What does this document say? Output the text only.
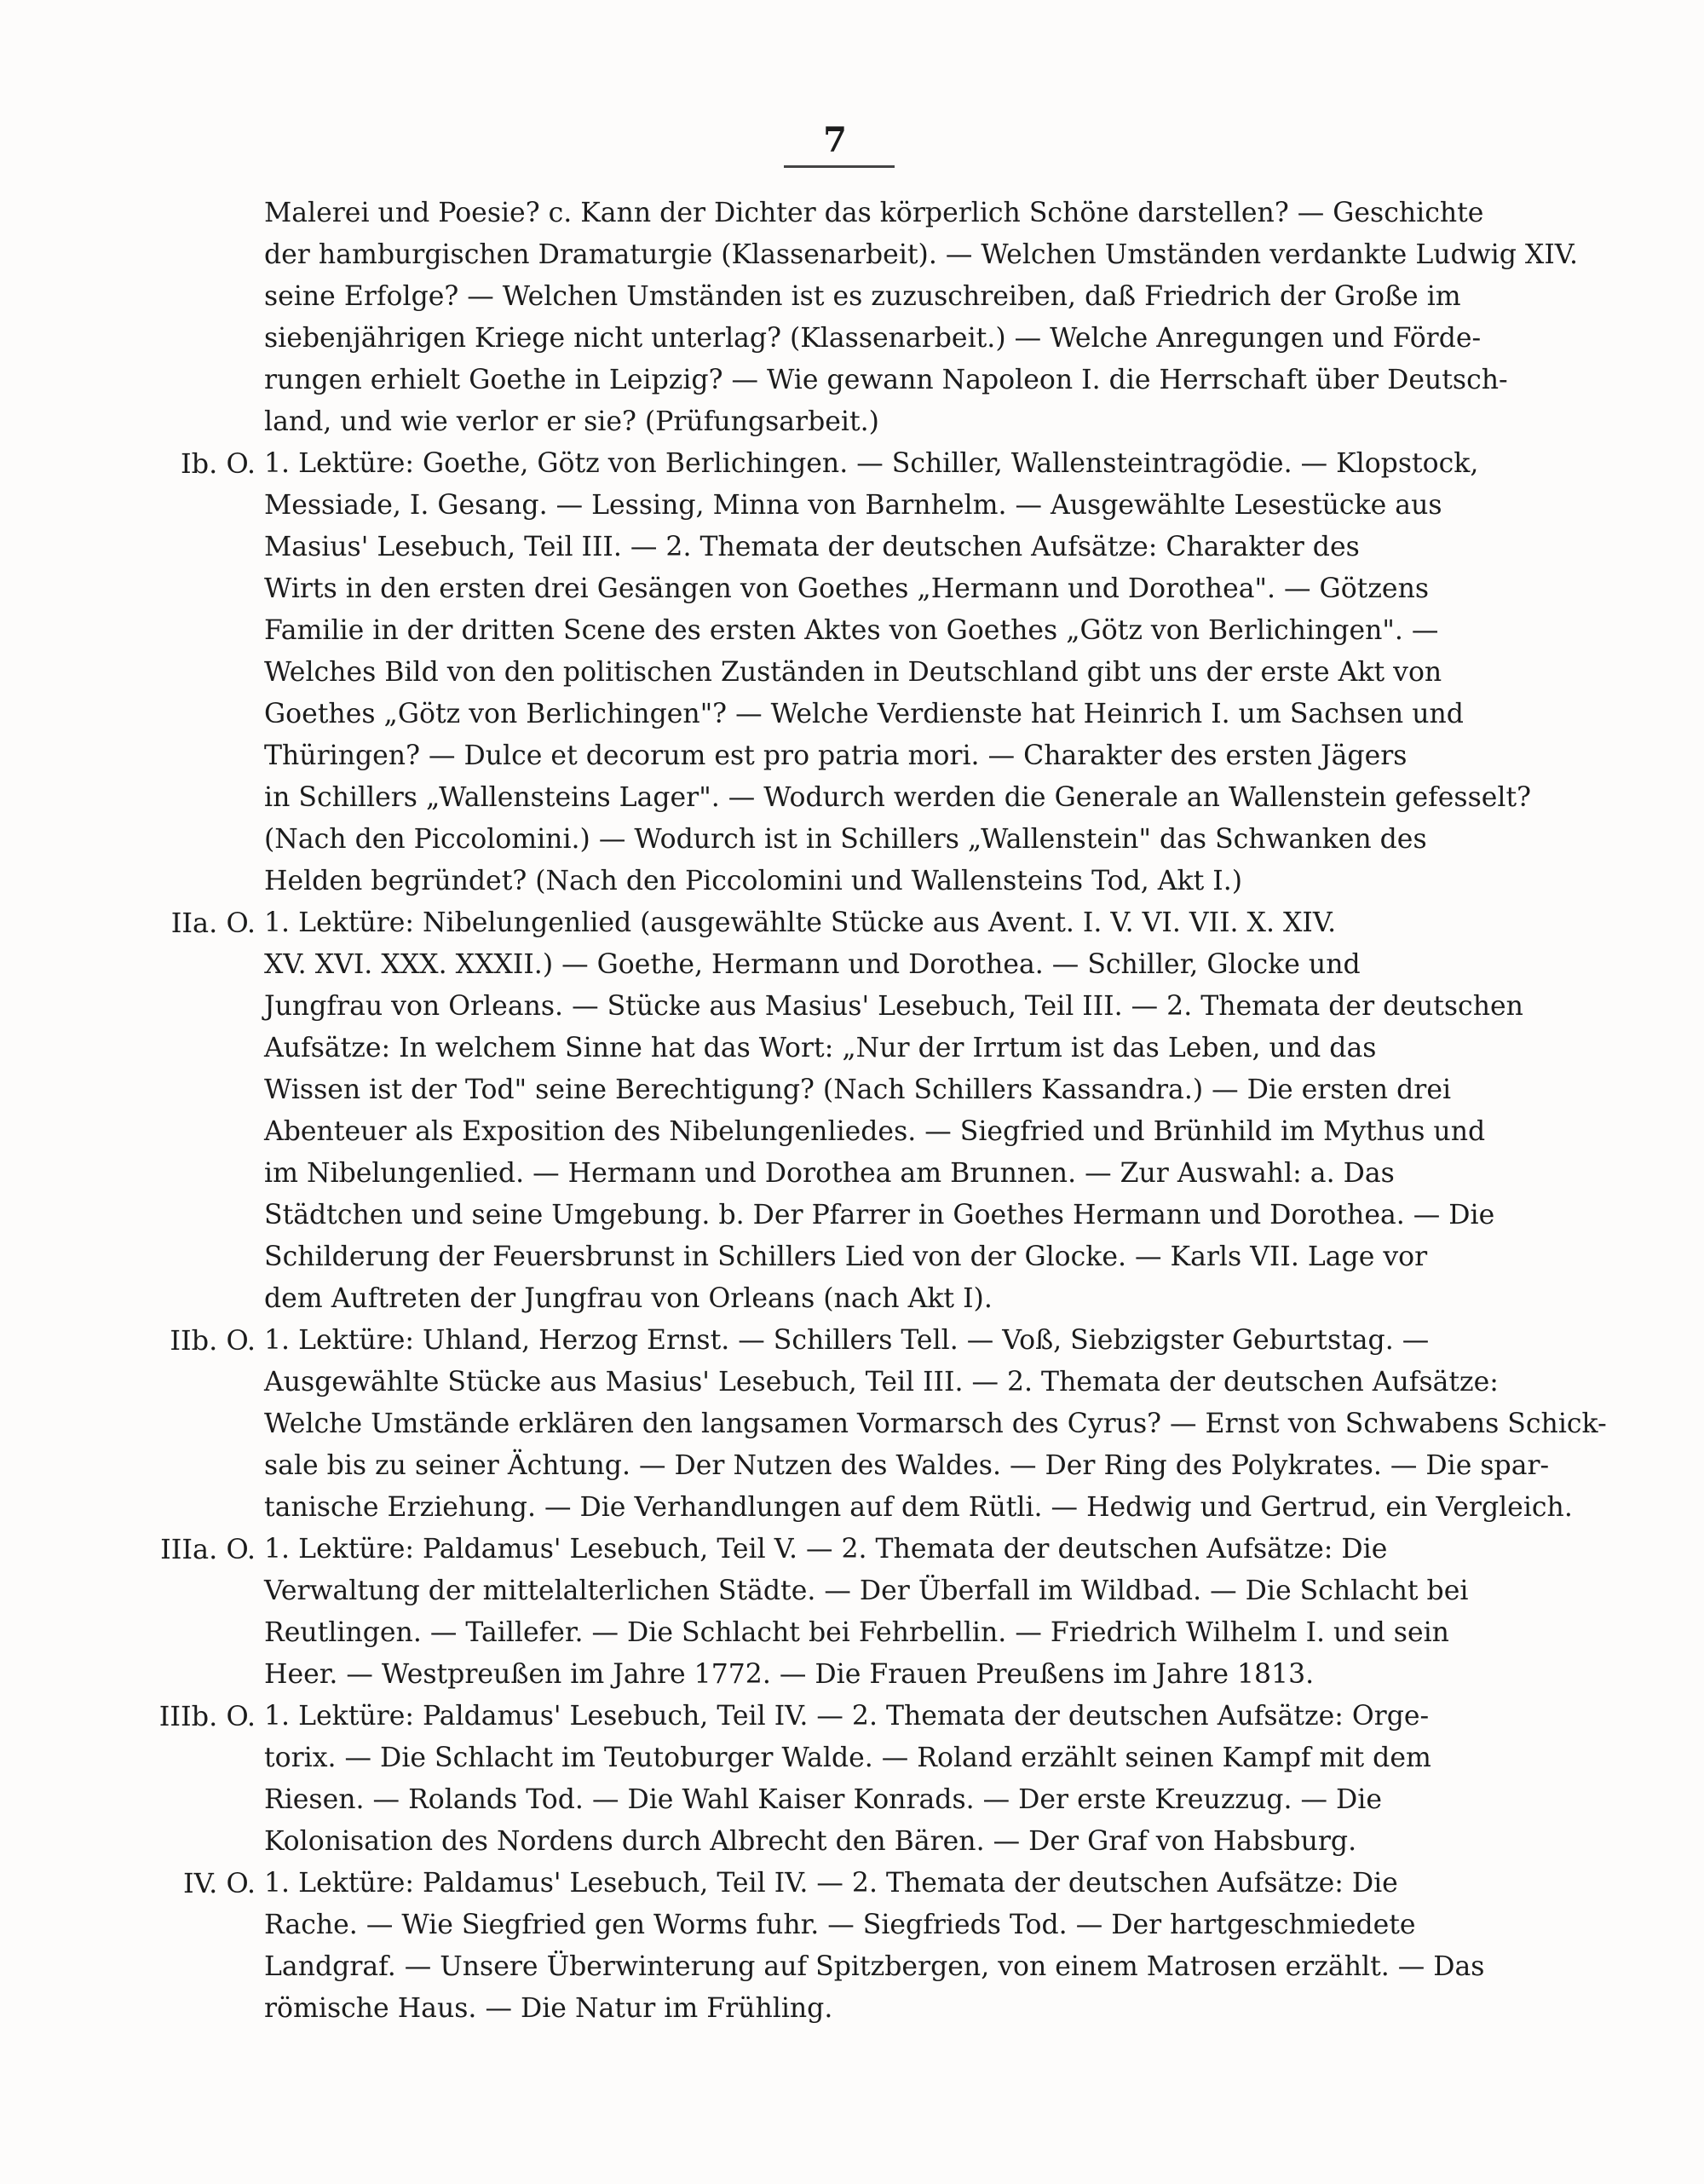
7
Malerei und Poesie? c. Kann der Dichter das körperlich Schöne darstellen? — Geschichte
der hamburgischen Dramaturgie (Klassenarbeit). — Welchen Umständen verdankte Ludwig XIV.
seine Erfolge? — Welchen Umständen ist es zuzuschreiben, daß Friedrich der Große im
siebenjährigen Kriege nicht unterlag? (Klassenarbeit.) — Welche Anregungen und Förde-
rungen erhielt Goethe in Leipzig? — Wie gewann Napoleon I. die Herrschaft über Deutsch-
land, und wie verlor er sie? (Prüfungsarbeit.)
Ib. O. 1. Lektüre: Goethe, Götz von Berlichingen. — Schiller, Wallensteintragödie. — Klopstock,
Messiade, I. Gesang. — Lessing, Minna von Barnhelm. — Ausgewählte Lesestücke aus
Masius' Lesebuch, Teil III. — 2. Themata der deutschen Aufsätze: Charakter des
Wirts in den ersten drei Gesängen von Goethes „Hermann und Dorothea". — Götzens
Familie in der dritten Scene des ersten Aktes von Goethes „Götz von Berlichingen". —
Welches Bild von den politischen Zuständen in Deutschland gibt uns der erste Akt von
Goethes „Götz von Berlichingen"? — Welche Verdienste hat Heinrich I. um Sachsen und
Thüringen? — Dulce et decorum est pro patria mori. — Charakter des ersten Jägers
in Schillers „Wallensteins Lager". — Wodurch werden die Generale an Wallenstein gefesselt?
(Nach den Piccolomini.) — Wodurch ist in Schillers „Wallenstein" das Schwanken des
Helden begründet? (Nach den Piccolomini und Wallensteins Tod, Akt I.)
IIa. O. 1. Lektüre: Nibelungenlied (ausgewählte Stücke aus Avent. I. V. VI. VII. X. XIV.
XV. XVI. XXX. XXXII.) — Goethe, Hermann und Dorothea. — Schiller, Glocke und
Jungfrau von Orleans. — Stücke aus Masius' Lesebuch, Teil III. — 2. Themata der deutschen
Aufsätze: In welchem Sinne hat das Wort: „Nur der Irrtum ist das Leben, und das
Wissen ist der Tod" seine Berechtigung? (Nach Schillers Kassandra.) — Die ersten drei
Abenteuer als Exposition des Nibelungenliedes. — Siegfried und Brünhild im Mythus und
im Nibelungenlied. — Hermann und Dorothea am Brunnen. — Zur Auswahl: a. Das
Städtchen und seine Umgebung. b. Der Pfarrer in Goethes Hermann und Dorothea. — Die
Schilderung der Feuersbrunst in Schillers Lied von der Glocke. — Karls VII. Lage vor
dem Auftreten der Jungfrau von Orleans (nach Akt I).
IIb. O. 1. Lektüre: Uhland, Herzog Ernst. — Schillers Tell. — Voß, Siebzigster Geburtstag. —
Ausgewählte Stücke aus Masius' Lesebuch, Teil III. — 2. Themata der deutschen Aufsätze:
Welche Umstände erklären den langsamen Vormarsch des Cyrus? — Ernst von Schwabens Schick-
sale bis zu seiner Ächtung. — Der Nutzen des Waldes. — Der Ring des Polykrates. — Die spar-
tanische Erziehung. — Die Verhandlungen auf dem Rütli. — Hedwig und Gertrud, ein Vergleich.
IIIa. O. 1. Lektüre: Paldamus' Lesebuch, Teil V. — 2. Themata der deutschen Aufsätze: Die
Verwaltung der mittelalterlichen Städte. — Der Überfall im Wildbad. — Die Schlacht bei
Reutlingen. — Taillefer. — Die Schlacht bei Fehrbellin. — Friedrich Wilhelm I. und sein
Heer. — Westpreußen im Jahre 1772. — Die Frauen Preußens im Jahre 1813.
IIIb. O. 1. Lektüre: Paldamus' Lesebuch, Teil IV. — 2. Themata der deutschen Aufsätze: Orge-
torix. — Die Schlacht im Teutoburger Walde. — Roland erzählt seinen Kampf mit dem
Riesen. — Rolands Tod. — Die Wahl Kaiser Konrads. — Der erste Kreuzzug. — Die
Kolonisation des Nordens durch Albrecht den Bären. — Der Graf von Habsburg.
IV. O. 1. Lektüre: Paldamus' Lesebuch, Teil IV. — 2. Themata der deutschen Aufsätze: Die
Rache. — Wie Siegfried gen Worms fuhr. — Siegfrieds Tod. — Der hartgeschmiedete
Landgraf. — Unsere Überwinterung auf Spitzbergen, von einem Matrosen erzählt. — Das
römische Haus. — Die Natur im Frühling.
